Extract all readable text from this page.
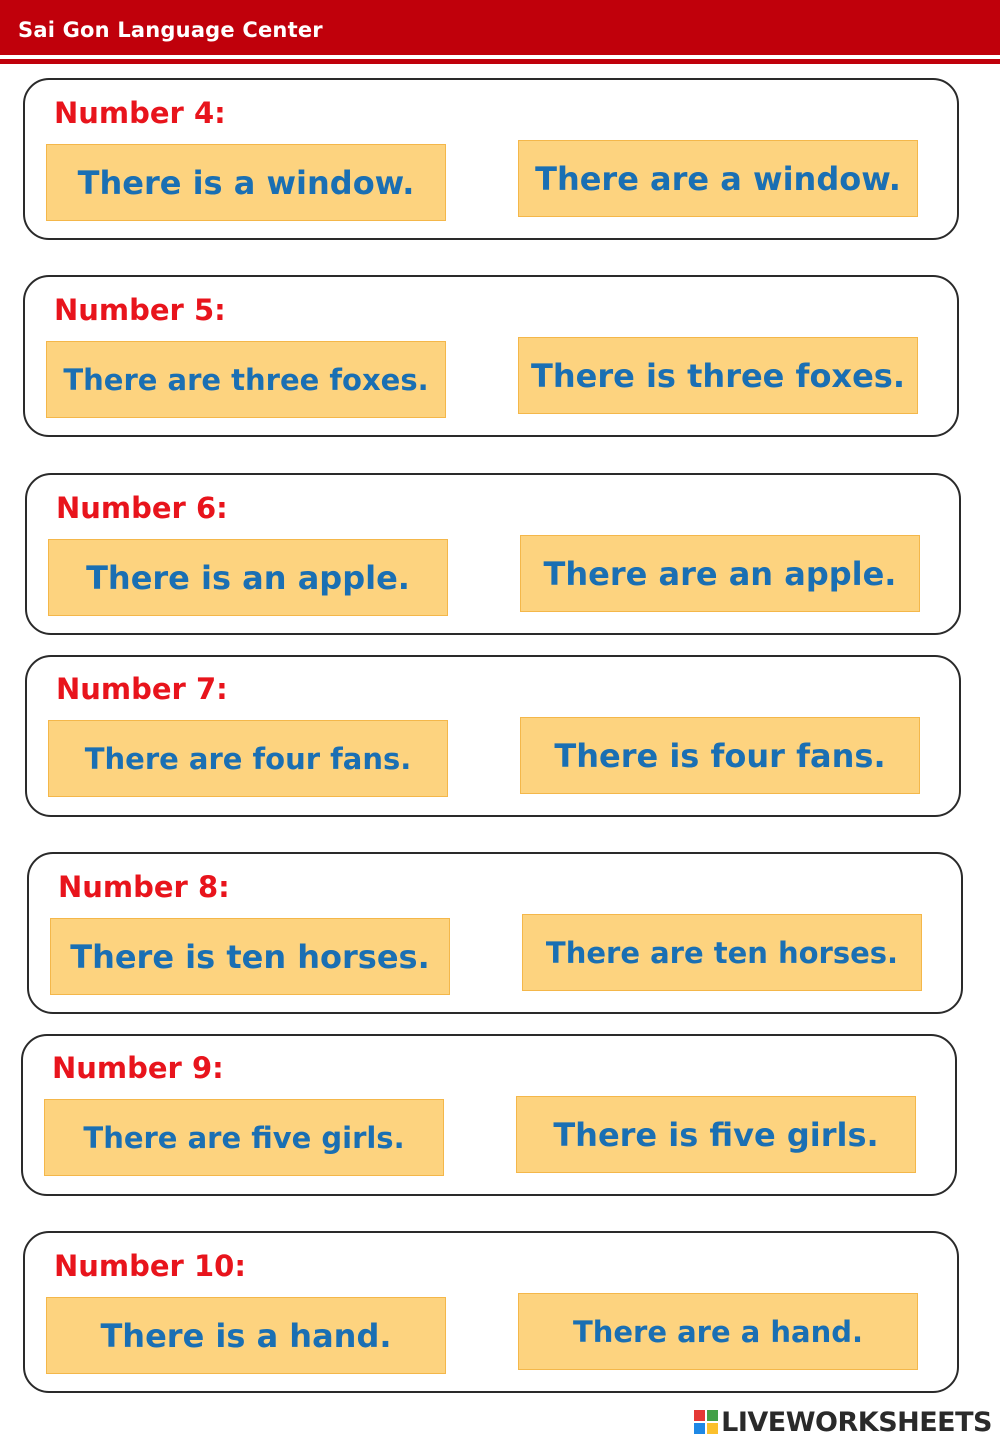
Sai Gon Language Center
Number 4:
There is a window.	There are a window.
Number 5:
There are three foxes.	There is three foxes.
Number 6:
There is an apple.	There are an apple.
Number 7:
There are four fans.	There is four fans.
Number 8:
There is ten horses.	There are ten horses.
Number 9:
There are five girls.	There is five girls.
Number 10:
There is a hand.	There are a hand.
LIVEWORKSHEETS
